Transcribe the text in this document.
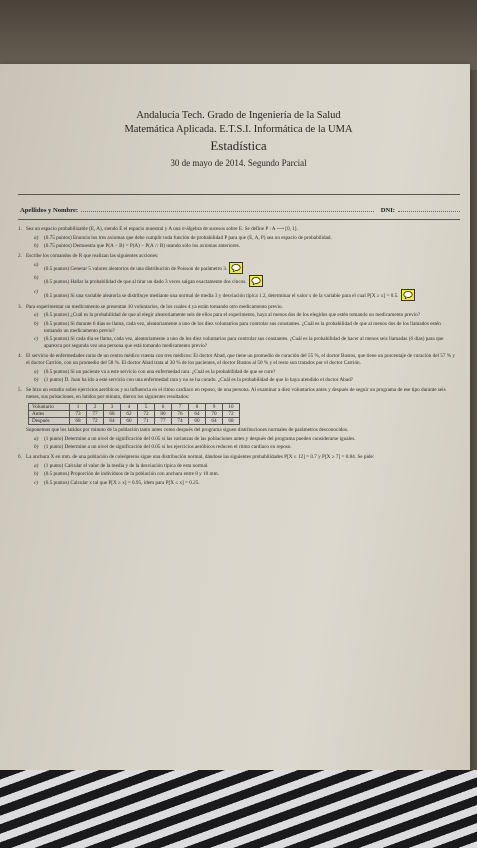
Andalucía Tech. Grado de Ingeniería de la Salud
Matemática Aplicada. E.T.S.I. Informática de la UMA
Estadística
30 de mayo de 2014. Segundo Parcial
Apellidos y Nombre:	DNI:
1. Sea un espacio probabilizable (E, A), siendo E el espacio muestral y A una σ-álgebra de sucesos sobre E. Se define P : A ⟶ [0, 1].
a)	(0.75 puntos) Enuncia los tres axiomas que debe cumplir toda función de probabilidad P para que (E, A, P) sea un espacio de probabilidad.
b)	(0.75 puntos) Demuestra que P(A − B) = P(A) − P(A ∩ B) usando sólo los axiomas anteriores.
2. Escribe los comandos de R que realizan las siguientes acciones:
a)
(0.5 puntos) Generar 5 valores aleatorios de una distribución de Poisson de parámetro 3.
b)
(0.5 puntos) Hallar la probabilidad de que al tirar un dado 3 veces salgan exactamente dos cincos.
c)
(0.5 puntos) Si una variable aleatoria se distribuye mediante una normal de media 3 y desviación típica 1.2, determinar el valor x de la variable para el cual P[X ≥ x] = 0.5.
3. Para experimentar un medicamento se presentan 10 voluntarios, de los cuales 4 ya están tomando otro medicamento previo.
a)	(0.5 puntos) ¿Cuál es la probabilidad de que al elegir aleatoriamente seis de ellos para el experimento, haya al menos dos de los elegidos que estén tomando un medicamento previo?
b)	(0.5 puntos) Si durante 6 días se llama, cada vez, aleatoriamente a uno de los diez voluntarios para controlar sus constantes. ¿Cuál es la probabilidad de que al menos dos de los llamados estén tomando un medicamento previo?
c)	(0.5 puntos) Si cada día se llama, cada vez, aleatoriamente a uno de los diez voluntarios para controlar sus constantes. ¿Cuál es la probabilidad de hacer al menos seis llamadas (6 días) para que aparezca por segunda vez una persona que está tomando medicamento previo?
4. El servicio de enfermedades raras de un centro médico cuenta con tres médicos: El doctor Abad, que tiene un promedio de curación del 55 %, el doctor Bustos, que tiene un porcentaje de curación del 57 % y el doctor Carrión, con un promedio del 58 %. El doctor Abad trata al 30 % de los pacientes, el doctor Bustos al 50 % y el resto son tratados por el doctor Carrión.
a)	(0.5 puntos) Si un paciente va a este servicio con una enfermedad rara. ¿Cuál es la probabilidad de que se cure?
b)	(1 punto) D. Juan ha ido a este servicio con una enfermedad rara y no se ha curado. ¿Cuál es la probabilidad de que lo haya atendido el doctor Abad?
5. Se hizo un estudio sobre ejercicios aeróbicos y su influencia en el ritmo cardiaco en reposo, de una persona. Al examinar a diez voluntarios antes y después de seguir un programa de ese tipo durante seis meses, sus pulsaciones, en latidos por minuto, dieron los siguientes resultados:
Voluntario	1	2	3	4	5	6	7	8	9	10
Antes	73	77	68	62	72	80	76	64	70	72
Después	68	72	64	60	71	77	74	60	64	68
Suponemos que los latidos por minuto de la población tanto antes como después del programa siguen distribuciones normales de parámetros desconocidos.
a)	(1 punto) Determine a un nivel de significación del 0.05 si las varianzas de las poblaciones antes y después del programa pueden considerarse iguales.
b)	(1 punto) Determine a un nivel de significación del 0.05 si los ejercicios aeróbicos reducen el ritmo cardiaco en reposo.
6. La anchura X en mm. de una población de coleópteros sigue una distribución normal, dándose las siguientes probabilidades P[X ≤ 12] = 0.7 y P[X ≥ 7] = 0.84. Se pide:
a)	(1 punto) Calcular el valor de la media y de la desviación típica de esta normal.
b)	(0.5 puntos) Proporción de individuos de la población con anchura entre 8 y 10 mm.
c)	(0.5 puntos) Calcular x tal que P[X ≥ x] = 0.95, idem para P[X ≤ x] = 0.25.
